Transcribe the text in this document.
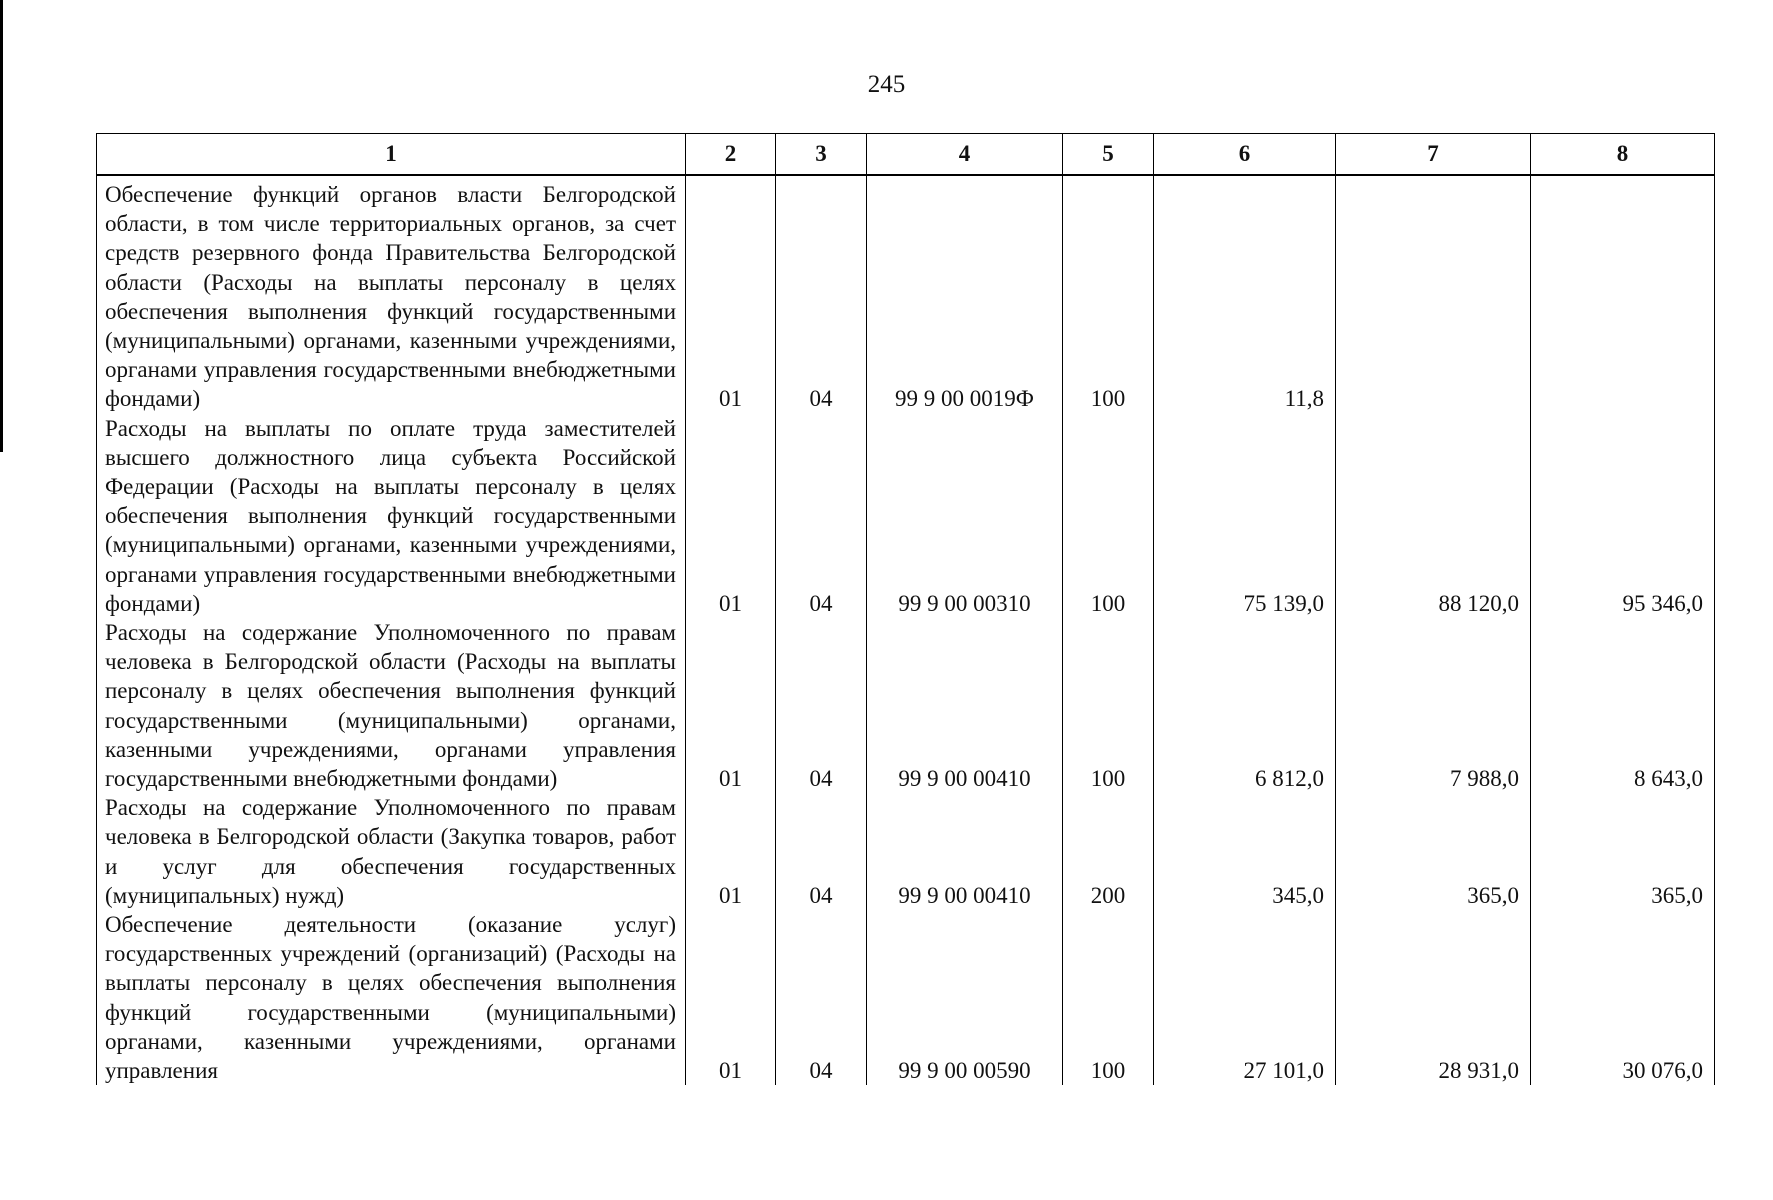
245
1	2	3	4	5	6	7	8
Обеспечение функций органов власти Белгородской области, в том числе территориальных органов, за счет средств резервного фонда Правительства Белгородской области (Расходы на выплаты персоналу в целях обеспечения выполнения функций государственными (муниципальными) органами, казенными учреждениями, органами управления государственными внебюджетными фондами)	01	04	99 9 00 0019Ф	100	11,8		
Расходы на выплаты по оплате труда заместителей высшего должностного лица субъекта Российской Федерации (Расходы на выплаты персоналу в целях обеспечения выполнения функций государственными (муниципальными) органами, казенными учреждениями, органами управления государственными внебюджетными фондами)	01	04	99 9 00 00310	100	75 139,0	88 120,0	95 346,0
Расходы на содержание Уполномоченного по правам человека в Белгородской области (Расходы на выплаты персоналу в целях обеспечения выполнения функций государственными (муниципальными) органами, казенными учреждениями, органами управления государственными внебюджетными фондами)	01	04	99 9 00 00410	100	6 812,0	7 988,0	8 643,0
Расходы на содержание Уполномоченного по правам человека в Белгородской области (Закупка товаров, работ и услуг для обеспечения государственных (муниципальных) нужд)	01	04	99 9 00 00410	200	345,0	365,0	365,0
Обеспечение деятельности (оказание услуг) государственных учреждений (организаций) (Расходы на выплаты персоналу в целях обеспечения выполнения функций государственными (муниципальными) органами, казенными учреждениями, органами управления	01	04	99 9 00 00590	100	27 101,0	28 931,0	30 076,0
